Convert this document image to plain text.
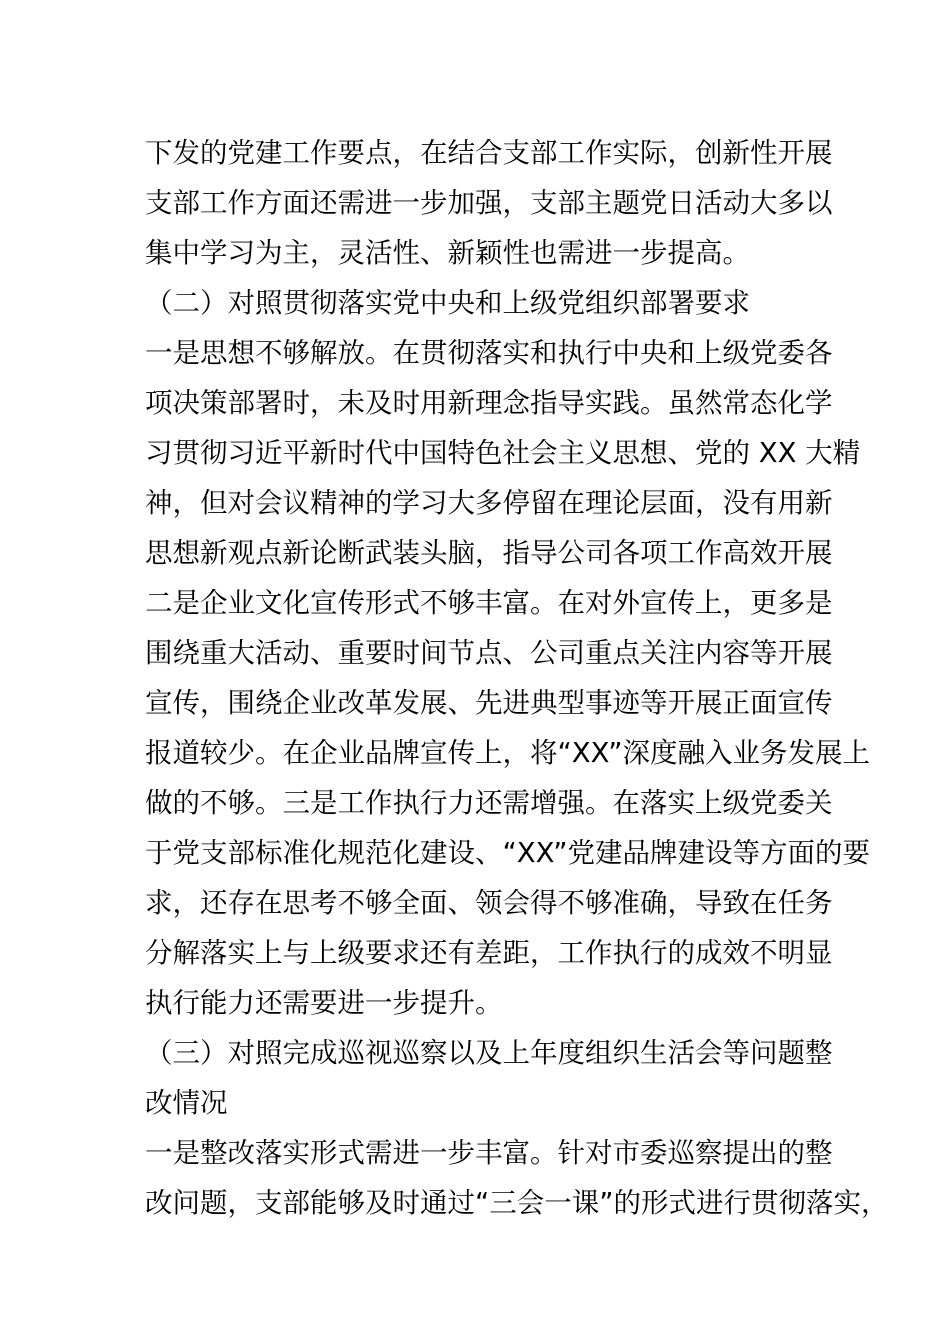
下发的党建工作要点，在结合支部工作实际，创新性开展
支部工作方面还需进一步加强，支部主题党日活动大多以
集中学习为主，灵活性、新颖性也需进一步提高。
（二）对照贯彻落实党中央和上级党组织部署要求
一是思想不够解放。在贯彻落实和执行中央和上级党委各
项决策部署时，未及时用新理念指导实践。虽然常态化学
习贯彻习近平新时代中国特色社会主义思想、党的 XX 大精
神，但对会议精神的学习大多停留在理论层面，没有用新
思想新观点新论断武装头脑，指导公司各项工作高效开展
二是企业文化宣传形式不够丰富。在对外宣传上，更多是
围绕重大活动、重要时间节点、公司重点关注内容等开展
宣传，围绕企业改革发展、先进典型事迹等开展正面宣传
报道较少。在企业品牌宣传上，将“XX”深度融入业务发展上
做的不够。三是工作执行力还需增强。在落实上级党委关
于党支部标准化规范化建设、“XX”党建品牌建设等方面的要
求，还存在思考不够全面、领会得不够准确，导致在任务
分解落实上与上级要求还有差距，工作执行的成效不明显
执行能力还需要进一步提升。
（三）对照完成巡视巡察以及上年度组织生活会等问题整
改情况
一是整改落实形式需进一步丰富。针对市委巡察提出的整
改问题，支部能够及时通过“三会一课”的形式进行贯彻落实，
